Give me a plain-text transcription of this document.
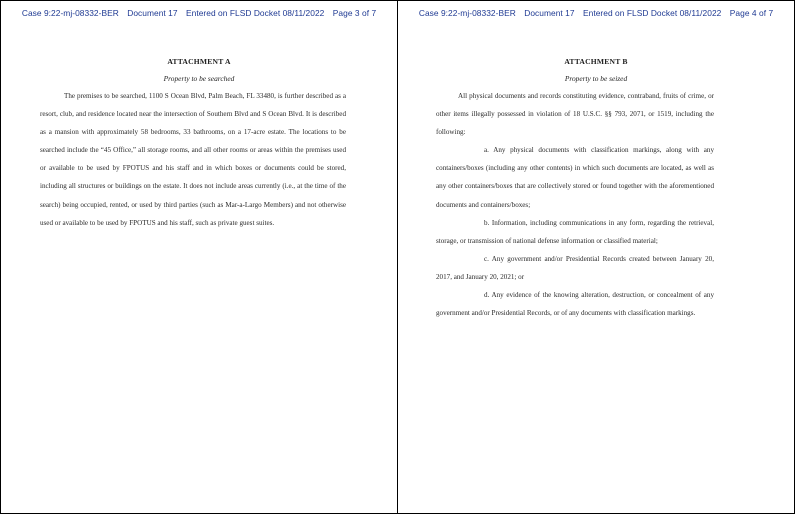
Case 9:22-mj-08332-BER Document 17 Entered on FLSD Docket 08/11/2022 Page 3 of 7
ATTACHMENT A
Property to be searched

The premises to be searched, 1100 S Ocean Blvd, Palm Beach, FL 33480, is further described as a resort, club, and residence located near the intersection of Southern Blvd and S Ocean Blvd. It is described as a mansion with approximately 58 bedrooms, 33 bathrooms, on a 17-acre estate. The locations to be searched include the “45 Office,” all storage rooms, and all other rooms or areas within the premises used or available to be used by FPOTUS and his staff and in which boxes or documents could be stored, including all structures or buildings on the estate. It does not include areas currently (i.e., at the time of the search) being occupied, rented, or used by third parties (such as Mar-a-Largo Members) and not otherwise used or available to be used by FPOTUS and his staff, such as private guest suites.

Case 9:22-mj-08332-BER Document 17 Entered on FLSD Docket 08/11/2022 Page 4 of 7
ATTACHMENT B
Property to be seized

All physical documents and records constituting evidence, contraband, fruits of crime, or other items illegally possessed in violation of 18 U.S.C. §§ 793, 2071, or 1519, including the following:

a. Any physical documents with classification markings, along with any containers/boxes (including any other contents) in which such documents are located, as well as any other containers/boxes that are collectively stored or found together with the aforementioned documents and containers/boxes;

b. Information, including communications in any form, regarding the retrieval, storage, or transmission of national defense information or classified material;

c. Any government and/or Presidential Records created between January 20, 2017, and January 20, 2021; or

d. Any evidence of the knowing alteration, destruction, or concealment of any government and/or Presidential Records, or of any documents with classification markings.
